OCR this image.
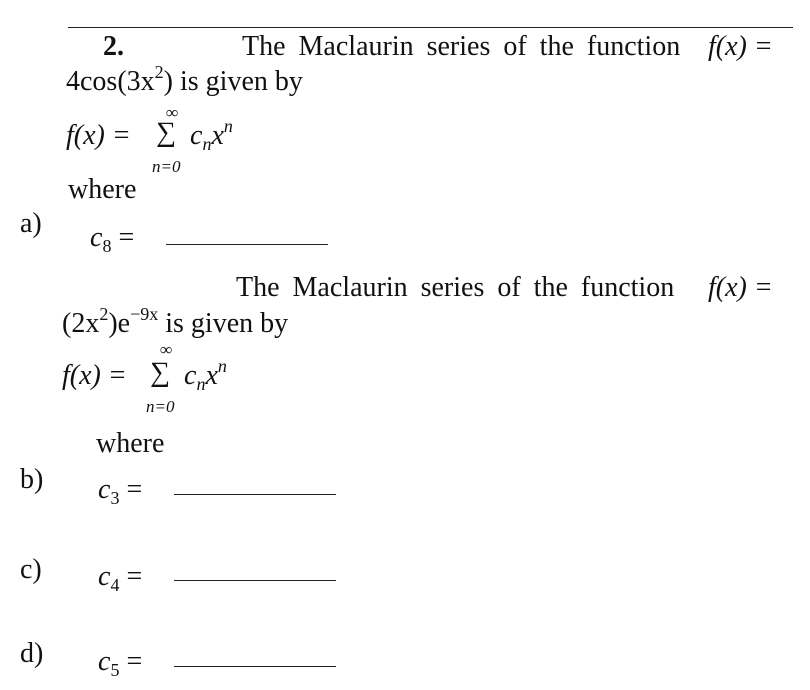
2.	The Maclaurin series of the function f(x) =
$4\cos(3x^2)$ is given by
∞
f(x) = ∑ $c_nx^n$
n=0
where
a) $c_8$ =
The Maclaurin series of the function f(x) =
$(2x^2)e^{-9x}$ is given by
∞
f(x) = ∑ $c_nx^n$
n=0
where
b) $c_3$ =
c) $c_4$ =
d) $c_5$ =
